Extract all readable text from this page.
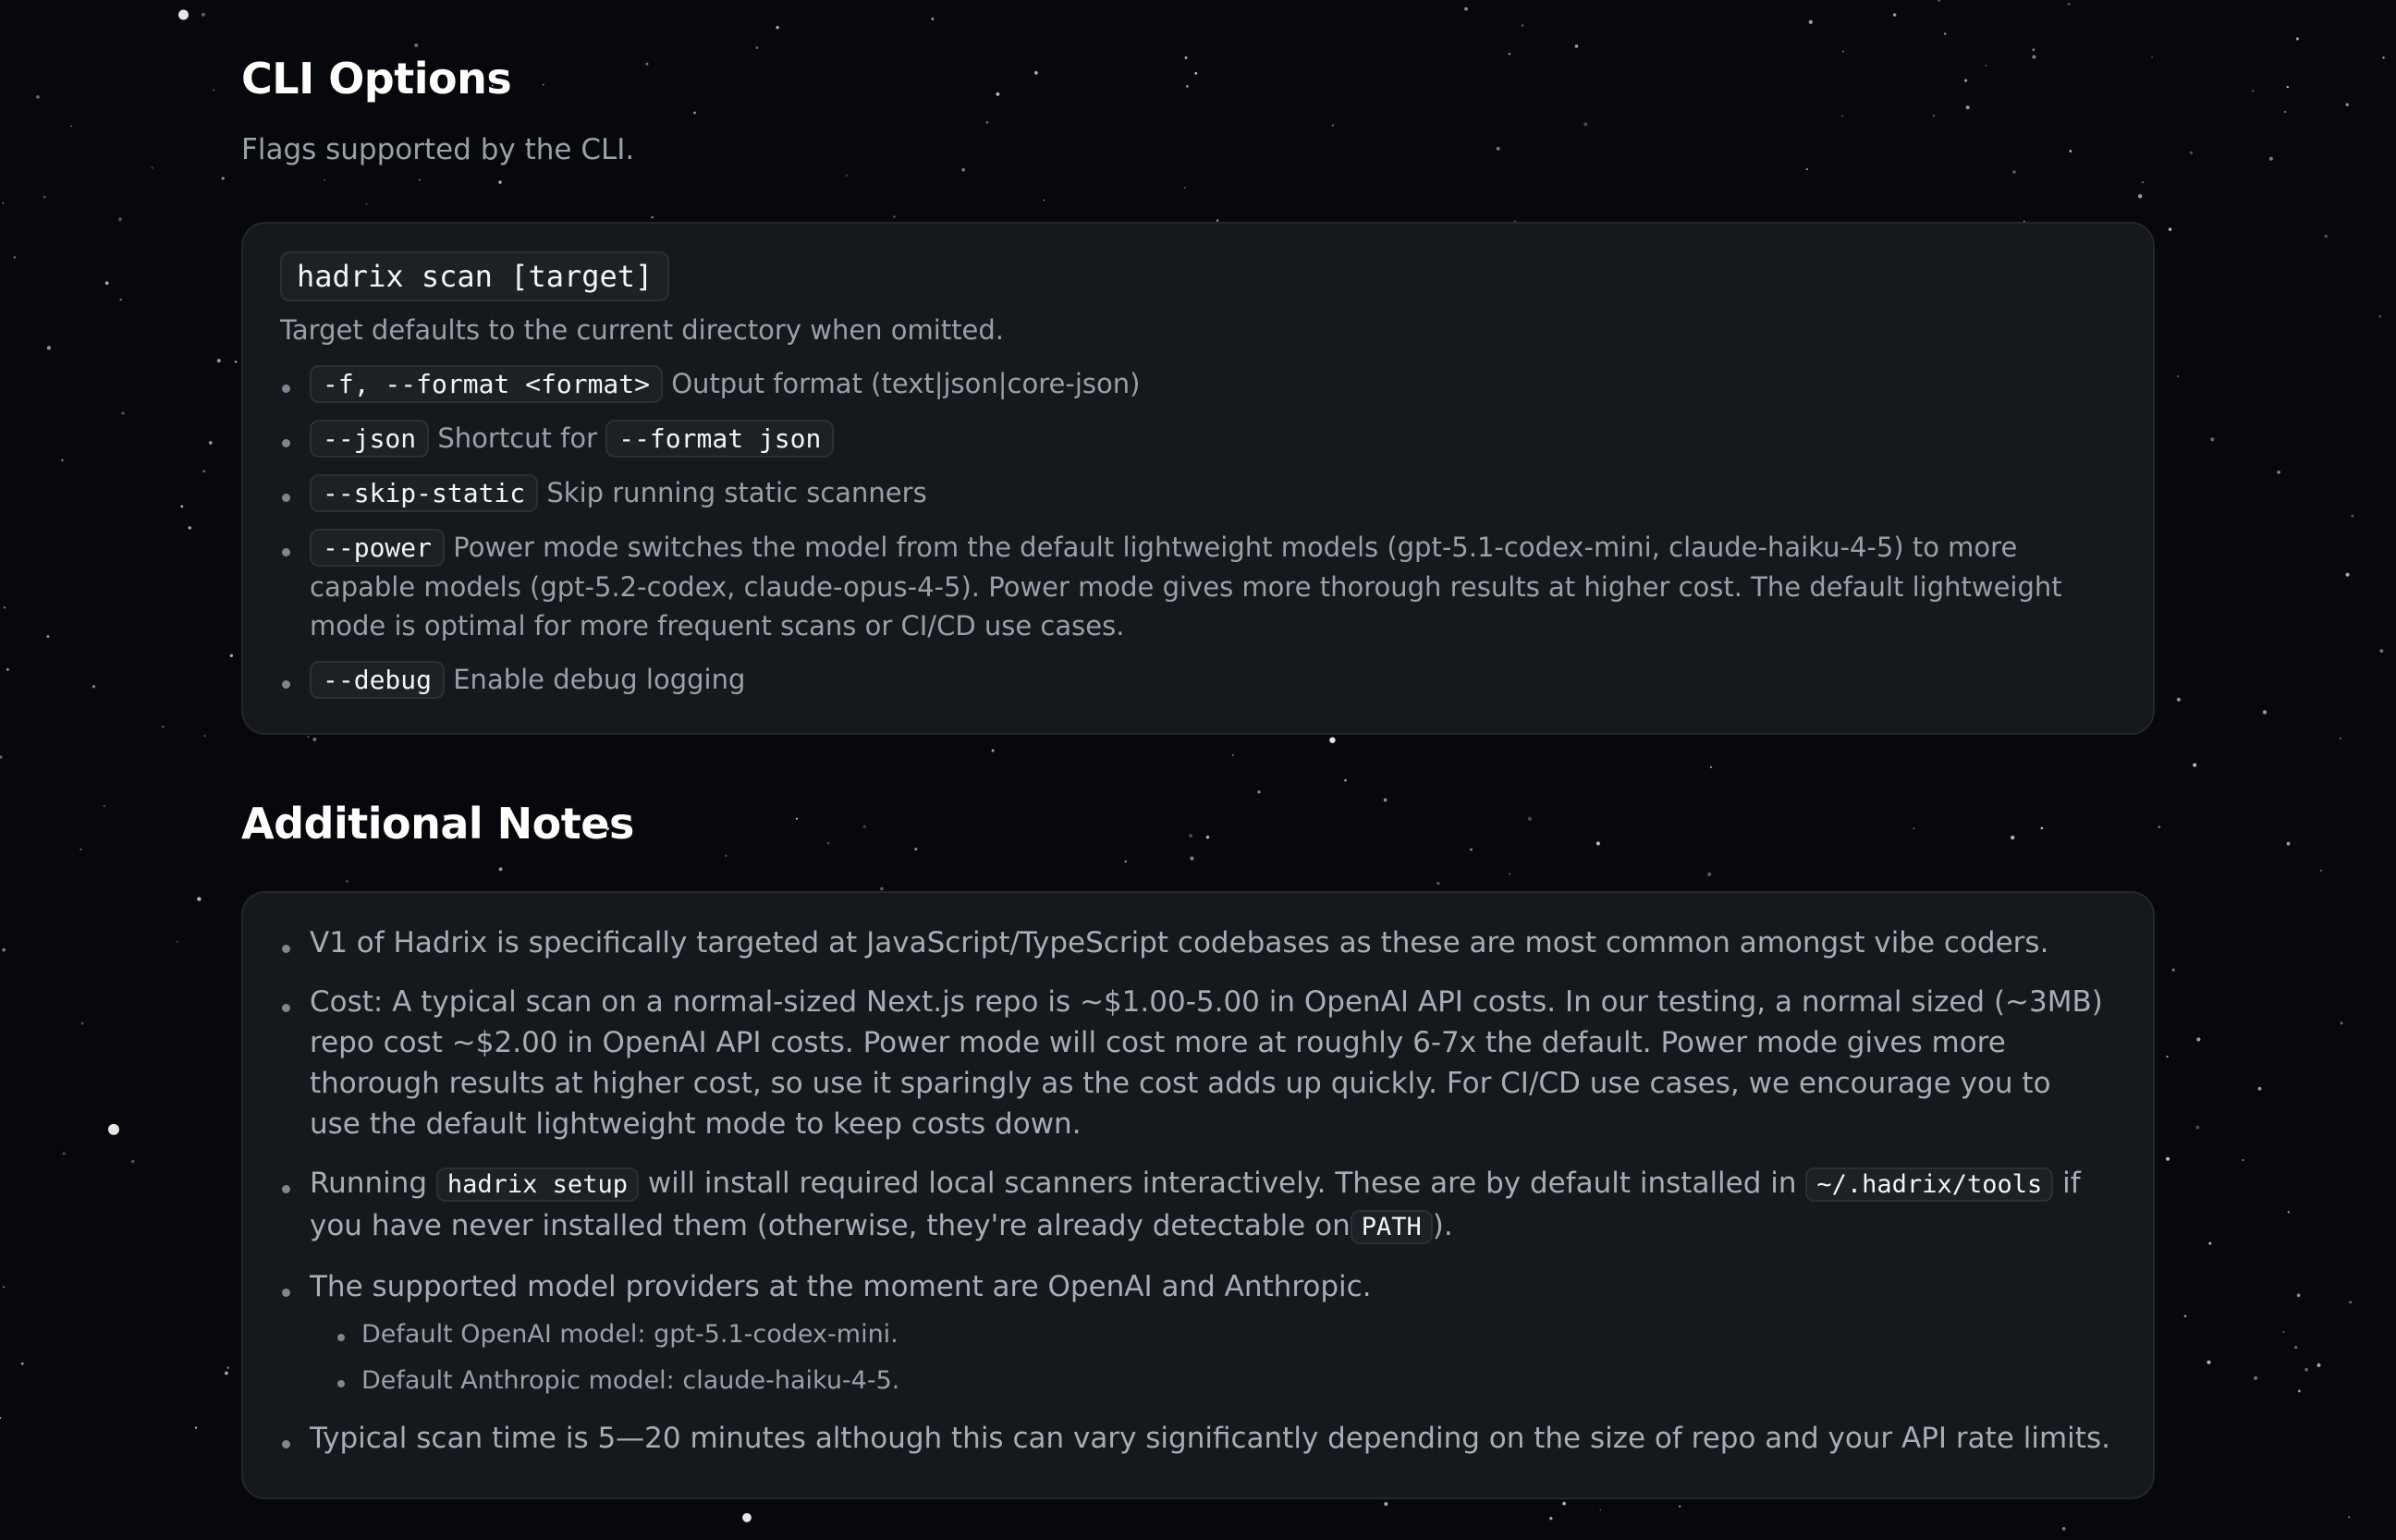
CLI Options
Flags supported by the CLI.
hadrix scan [target]
Target defaults to the current directory when omitted.
-f, --format <format> Output format (text|json|core-json)
--json Shortcut for --format json
--skip-static Skip running static scanners
--power Power mode switches the model from the default lightweight models (gpt-5.1-codex-mini, claude-haiku-4-5) to more capable models (gpt-5.2-codex, claude-opus-4-5). Power mode gives more thorough results at higher cost. The default lightweight mode is optimal for more frequent scans or CI/CD use cases.
--debug Enable debug logging
Additional Notes
V1 of Hadrix is specifically targeted at JavaScript/TypeScript codebases as these are most common amongst vibe coders.
Cost: A typical scan on a normal-sized Next.js repo is ~$1.00-5.00 in OpenAI API costs. In our testing, a normal sized (~3MB) repo cost ~$2.00 in OpenAI API costs. Power mode will cost more at roughly 6-7x the default. Power mode gives more thorough results at higher cost, so use it sparingly as the cost adds up quickly. For CI/CD use cases, we encourage you to use the default lightweight mode to keep costs down.
Running hadrix setup will install required local scanners interactively. These are by default installed in ~/.hadrix/tools if you have never installed them (otherwise, they're already detectable on PATH ).
The supported model providers at the moment are OpenAI and Anthropic.
Default OpenAI model: gpt-5.1-codex-mini.
Default Anthropic model: claude-haiku-4-5.
Typical scan time is 5—20 minutes although this can vary significantly depending on the size of repo and your API rate limits.
